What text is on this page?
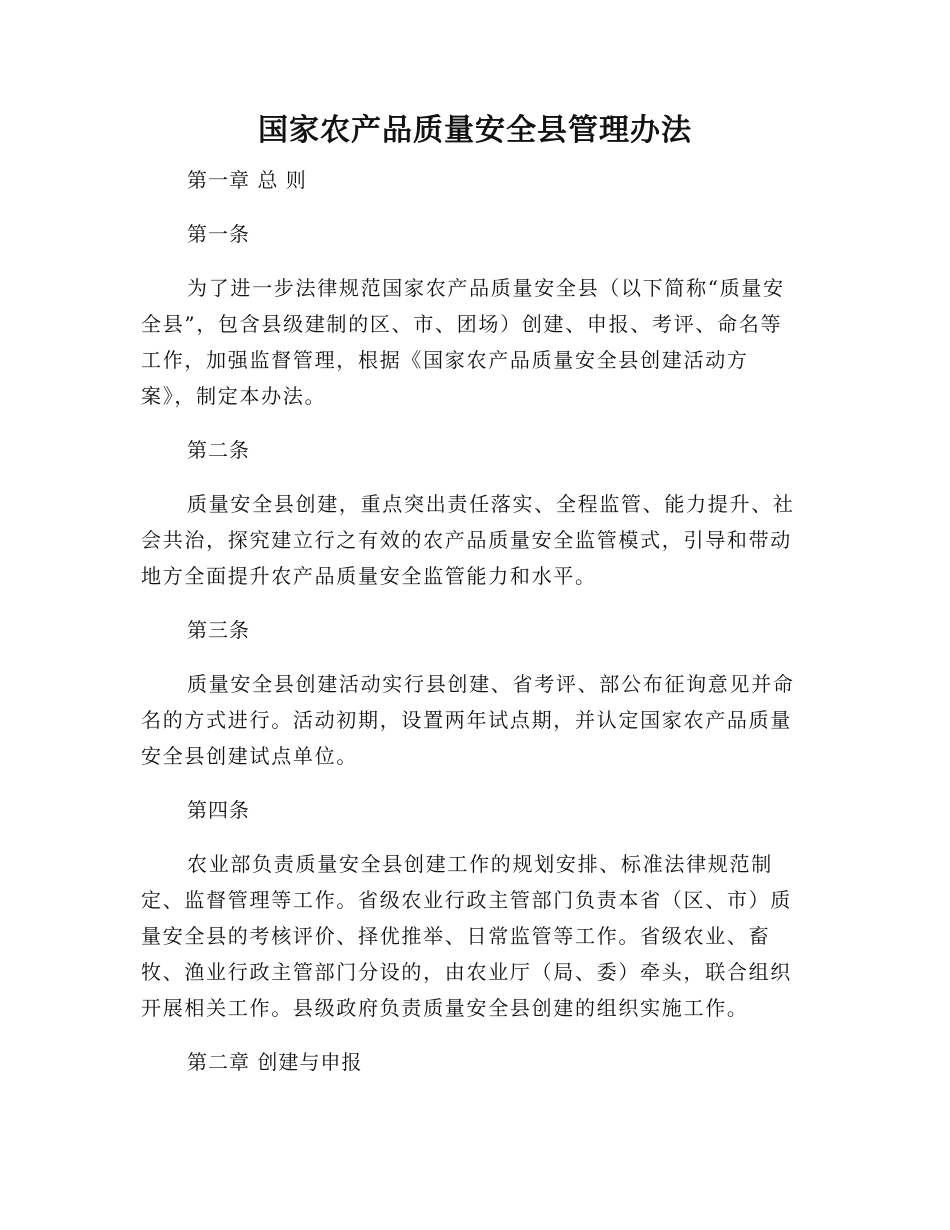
国家农产品质量安全县管理办法

第一章 总 则

第一条

为了进一步法律规范国家农产品质量安全县（以下简称“质量安全县”，包含县级建制的区、市、团场）创建、申报、考评、命名等工作，加强监督管理，根据《国家农产品质量安全县创建活动方案》，制定本办法。

第二条

质量安全县创建，重点突出责任落实、全程监管、能力提升、社会共治，探究建立行之有效的农产品质量安全监管模式，引导和带动地方全面提升农产品质量安全监管能力和水平。

第三条

质量安全县创建活动实行县创建、省考评、部公布征询意见并命名的方式进行。活动初期，设置两年试点期，并认定国家农产品质量安全县创建试点单位。

第四条

农业部负责质量安全县创建工作的规划安排、标准法律规范制定、监督管理等工作。省级农业行政主管部门负责本省（区、市）质量安全县的考核评价、择优推举、日常监管等工作。省级农业、畜牧、渔业行政主管部门分设的，由农业厅（局、委）牵头，联合组织开展相关工作。县级政府负责质量安全县创建的组织实施工作。

第二章 创建与申报
